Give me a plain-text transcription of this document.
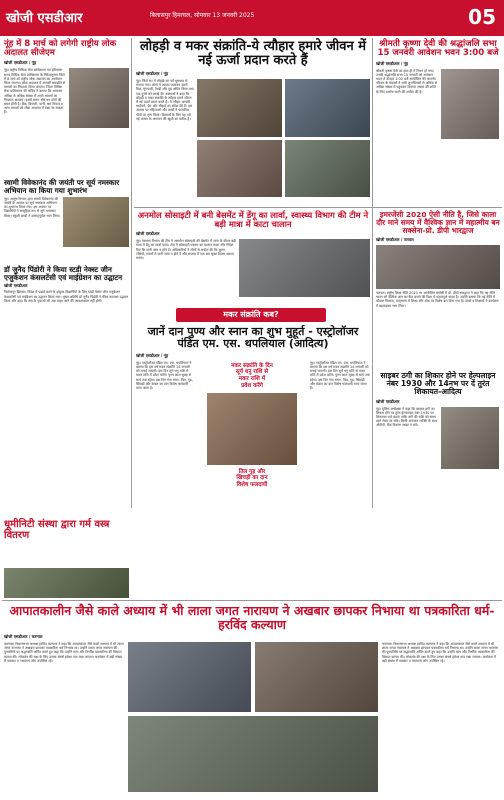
खोजी एसडीआर	बिलासपुर हिमाचल, सोमवार 13 जनवरी 2025	05
नूंह में 8 मार्च को लगेगी राष्ट्रीय लोक अदालत सीजेएम
खोजी एसडीआर / नूंह
नूंह। राष्ट्रीय विधिक सेवा प्राधिकरण एवं हरियाणा राज्य विधिक सेवा प्राधिकरण के निर्देशानुसार जिले में 8 मार्च को राष्ट्रीय लोक अदालत का आयोजन किया जाएगा। लोक अदालत में आपसी समझौते से मामलों का निपटारा किया जाएगा। जिला विधिक सेवा प्राधिकरण की सचिव ने बताया कि आमजन अधिक से अधिक संख्या में अपने मामलों का निपटारा करवाएं। इससे समय और धन दोनों की बचत होती है। बैंक, बिजली, पानी, श्रम विवाद व अन्य मामलों को लोक अदालत में रखा जा सकता है।
स्वामी विवेकानंद की जयंती पर सूर्य नमस्कार अभियान का किया गया शुभारंभ
नूंह। आयुष विभाग द्वारा स्वामी विवेकानंद की जयंती के अवसर पर सूर्य नमस्कार अभियान का शुभारंभ किया गया। इस अवसर पर विद्यार्थियों ने सामूहिक रूप से सूर्य नमस्कार किया। स्कूली बच्चों ने उत्साहपूर्वक भाग लिया।
डॉ जुनैद पिंडोरी ने किया स्टडी नेक्स्ट जीन एजुकेशन कंसलटेंसी एवं माईग्रेशन का उद्घाटन
खोजी एसडीआर
फिरोजपुर झिरका। विदेश में पढ़ाई करने के इच्छुक विद्यार्थियों के लिए स्टडी नेक्स्ट जीन एजुकेशन कंसलटेंसी एवं माईग्रेशन का उद्घाटन किया गया। मुख्य अतिथि डॉ जुनैद पिंडोरी ने फीता काटकर उद्घाटन किया और कहा कि क्षेत्र के युवाओं को अब बाहर जाने की आवश्यकता नहीं होगी।
धूमीनिटी संस्था द्वारा गर्म वस्त्र वितरण
लोहड़ी व मकर संक्रांति-ये त्यौहार हमारे जीवन में नई ऊर्जा प्रदान करते हैं
खोजी एसडीआर / नूंह
नूंह। जिले भर में लोहड़ी का पर्व धूमधाम से मनाया गया। लोगों ने अलाव जलाकर उसमें तिल, मूंगफली, रेवड़ी और गुड़ अर्पित किया तथा एक दूसरे को बधाई दी। वक्ताओं ने कहा कि लोहड़ी व मकर संक्रांति के त्यौहार हमारे जीवन में नई ऊर्जा प्रदान करते हैं। ये त्यौहार आपसी भाईचारे, प्रेम और सौहार्द का संदेश देते हैं। इस अवसर पर महिलाओं और बच्चों ने पारंपरिक गीतों पर नृत्य किया। किसानों के लिए यह पर्व नई फसल के आगमन की खुशी का प्रतीक है।
श्रीमती कृष्णा देवी की श्रद्धांजलि सभा 15 जनवरी आवेशन भवन 3:00 बजे
खोजी एसडीआर / नूंह
श्रीमती कृष्णा देवी का हाल ही में निधन हो गया। उनकी श्रद्धांजलि सभा 15 जनवरी को आवेशन भवन में दोपहर 3:00 बजे आयोजित की जाएगी। परिवार के सदस्यों ने सभी शुभचिंतकों से अधिक से अधिक संख्या में पहुंचकर दिवंगत आत्मा की शांति के लिए प्रार्थना करने की अपील की है।
अनमोल सोसाइटी में बनी बेसमेंट में डेंगू का लार्वा, स्वास्थ्य विभाग की टीम ने बड़ी मात्रा में काटा चालान
खोजी एसडीआर
नूंह। स्वास्थ्य विभाग की टीम ने अनमोल सोसाइटी की बेसमेंट में जांच के दौरान बड़ी मात्रा में डेंगू का लार्वा पाया। टीम ने सोसाइटी प्रबंधन का चालान काटा और निर्देश दिए कि पानी जमा न होने दें। अधिकारियों ने लोगों से अपील की कि कूलर, टंकियों, गमलों में पानी जमा न होने दें और सप्ताह में एक बार सूखा दिवस अवश्य मनाएं।
इमरजेंसी 2020 ऐसी नीति है, जिसे काला दौर माने समय में वैश्विक ज्ञान में महात्मीय बन सक्सेना-प्रो. डीपी भारद्वाज
खोजी एसडीआर / पलवल
पलवल। राष्ट्रीय शिक्षा नीति 2020 पर आयोजित संगोष्ठी में प्रो. डीपी भारद्वाज ने कहा कि यह नीति भारत को वैश्विक ज्ञान का केंद्र बनाने की दिशा में महत्वपूर्ण कदम है। उन्होंने बताया कि नई नीति में कौशल विकास, मातृभाषा में शिक्षा और शोध पर विशेष बल दिया गया है। छात्रों व शिक्षकों ने कार्यक्रम में बढ़चढ़कर भाग लिया।
साइबर ठगी का शिकार होने पर हेल्पलाइन नंबर 1930 और 14नभ पर दें तुरंत शिकायत-आदित्य
खोजी एसडीआर
नूंह। पुलिस अधीक्षक ने कहा कि साइबर ठगी का शिकार होने पर तुरंत हेल्पलाइन नंबर 1930 पर शिकायत दर्ज कराएं ताकि ठगी की राशि को समय रहते रोका जा सके। किसी अनजान व्यक्ति के साथ ओटीपी, बैंक विवरण साझा न करें।
मकर संक्रांति कब?
जानें दान पुण्य और स्नान का शुभ मुहूर्त - एस्ट्रोलॉजर पंडित एम. एस. थपलियाल (आदित्य)
खोजी एसडीआर / नूंह
नूंह। एस्ट्रोलॉजर पंडित एम. एस. थपलियाल ने बताया कि इस वर्ष मकर संक्रांति 14 जनवरी को मनाई जाएगी। इस दिन सूर्य धनु राशि से मकर राशि में प्रवेश करेंगे। पुण्य काल सुबह से सायं तक रहेगा। इस दिन गंगा स्नान, तिल, गुड़, खिचड़ी और कंबल का दान विशेष फलदायी माना जाता है।
मकर संक्रांति के दिन
सूर्य धनु राशि से
मकर राशि में
प्रवेश करेंगे
तिल गुड़ और
खिचड़ी का दान
विशेष फलदायी
नूंह। एस्ट्रोलॉजर पंडित एम. एस. थपलियाल ने बताया कि इस वर्ष मकर संक्रांति 14 जनवरी को मनाई जाएगी। इस दिन सूर्य धनु राशि से मकर राशि में प्रवेश करेंगे। पुण्य काल सुबह से सायं तक रहेगा। इस दिन गंगा स्नान, तिल, गुड़, खिचड़ी और कंबल का दान विशेष फलदायी माना जाता है।
आपातकालीन जैसे काले अध्याय में भी लाला जगत नारायण ने अखबार छापकर निभाया था पत्रकारिता धर्म-हरविंद कल्याण
खोजी एसडीआर / करनाल
करनाल। विधानसभा अध्यक्ष हरविंद कल्याण ने कहा कि आपातकाल जैसे काले अध्याय में भी लाला जगत नारायण ने अखबार छापकर पत्रकारिता धर्म निभाया था। उन्होंने लाला जगत नारायण की पुण्यतिथि पर श्रद्धांजलि अर्पित करते हुए कहा कि उन्होंने सत्य और निर्भीक पत्रकारिता की मिसाल कायम की। लोकतंत्र की रक्षा के लिए उनका संघर्ष हमेशा याद रखा जाएगा। कार्यक्रम में बड़ी संख्या में पत्रकार व गणमान्य लोग उपस्थित रहे।
करनाल। विधानसभा अध्यक्ष हरविंद कल्याण ने कहा कि आपातकाल जैसे काले अध्याय में भी लाला जगत नारायण ने अखबार छापकर पत्रकारिता धर्म निभाया था। उन्होंने लाला जगत नारायण की पुण्यतिथि पर श्रद्धांजलि अर्पित करते हुए कहा कि उन्होंने सत्य और निर्भीक पत्रकारिता की मिसाल कायम की। लोकतंत्र की रक्षा के लिए उनका संघर्ष हमेशा याद रखा जाएगा। कार्यक्रम में बड़ी संख्या में पत्रकार व गणमान्य लोग उपस्थित रहे।
